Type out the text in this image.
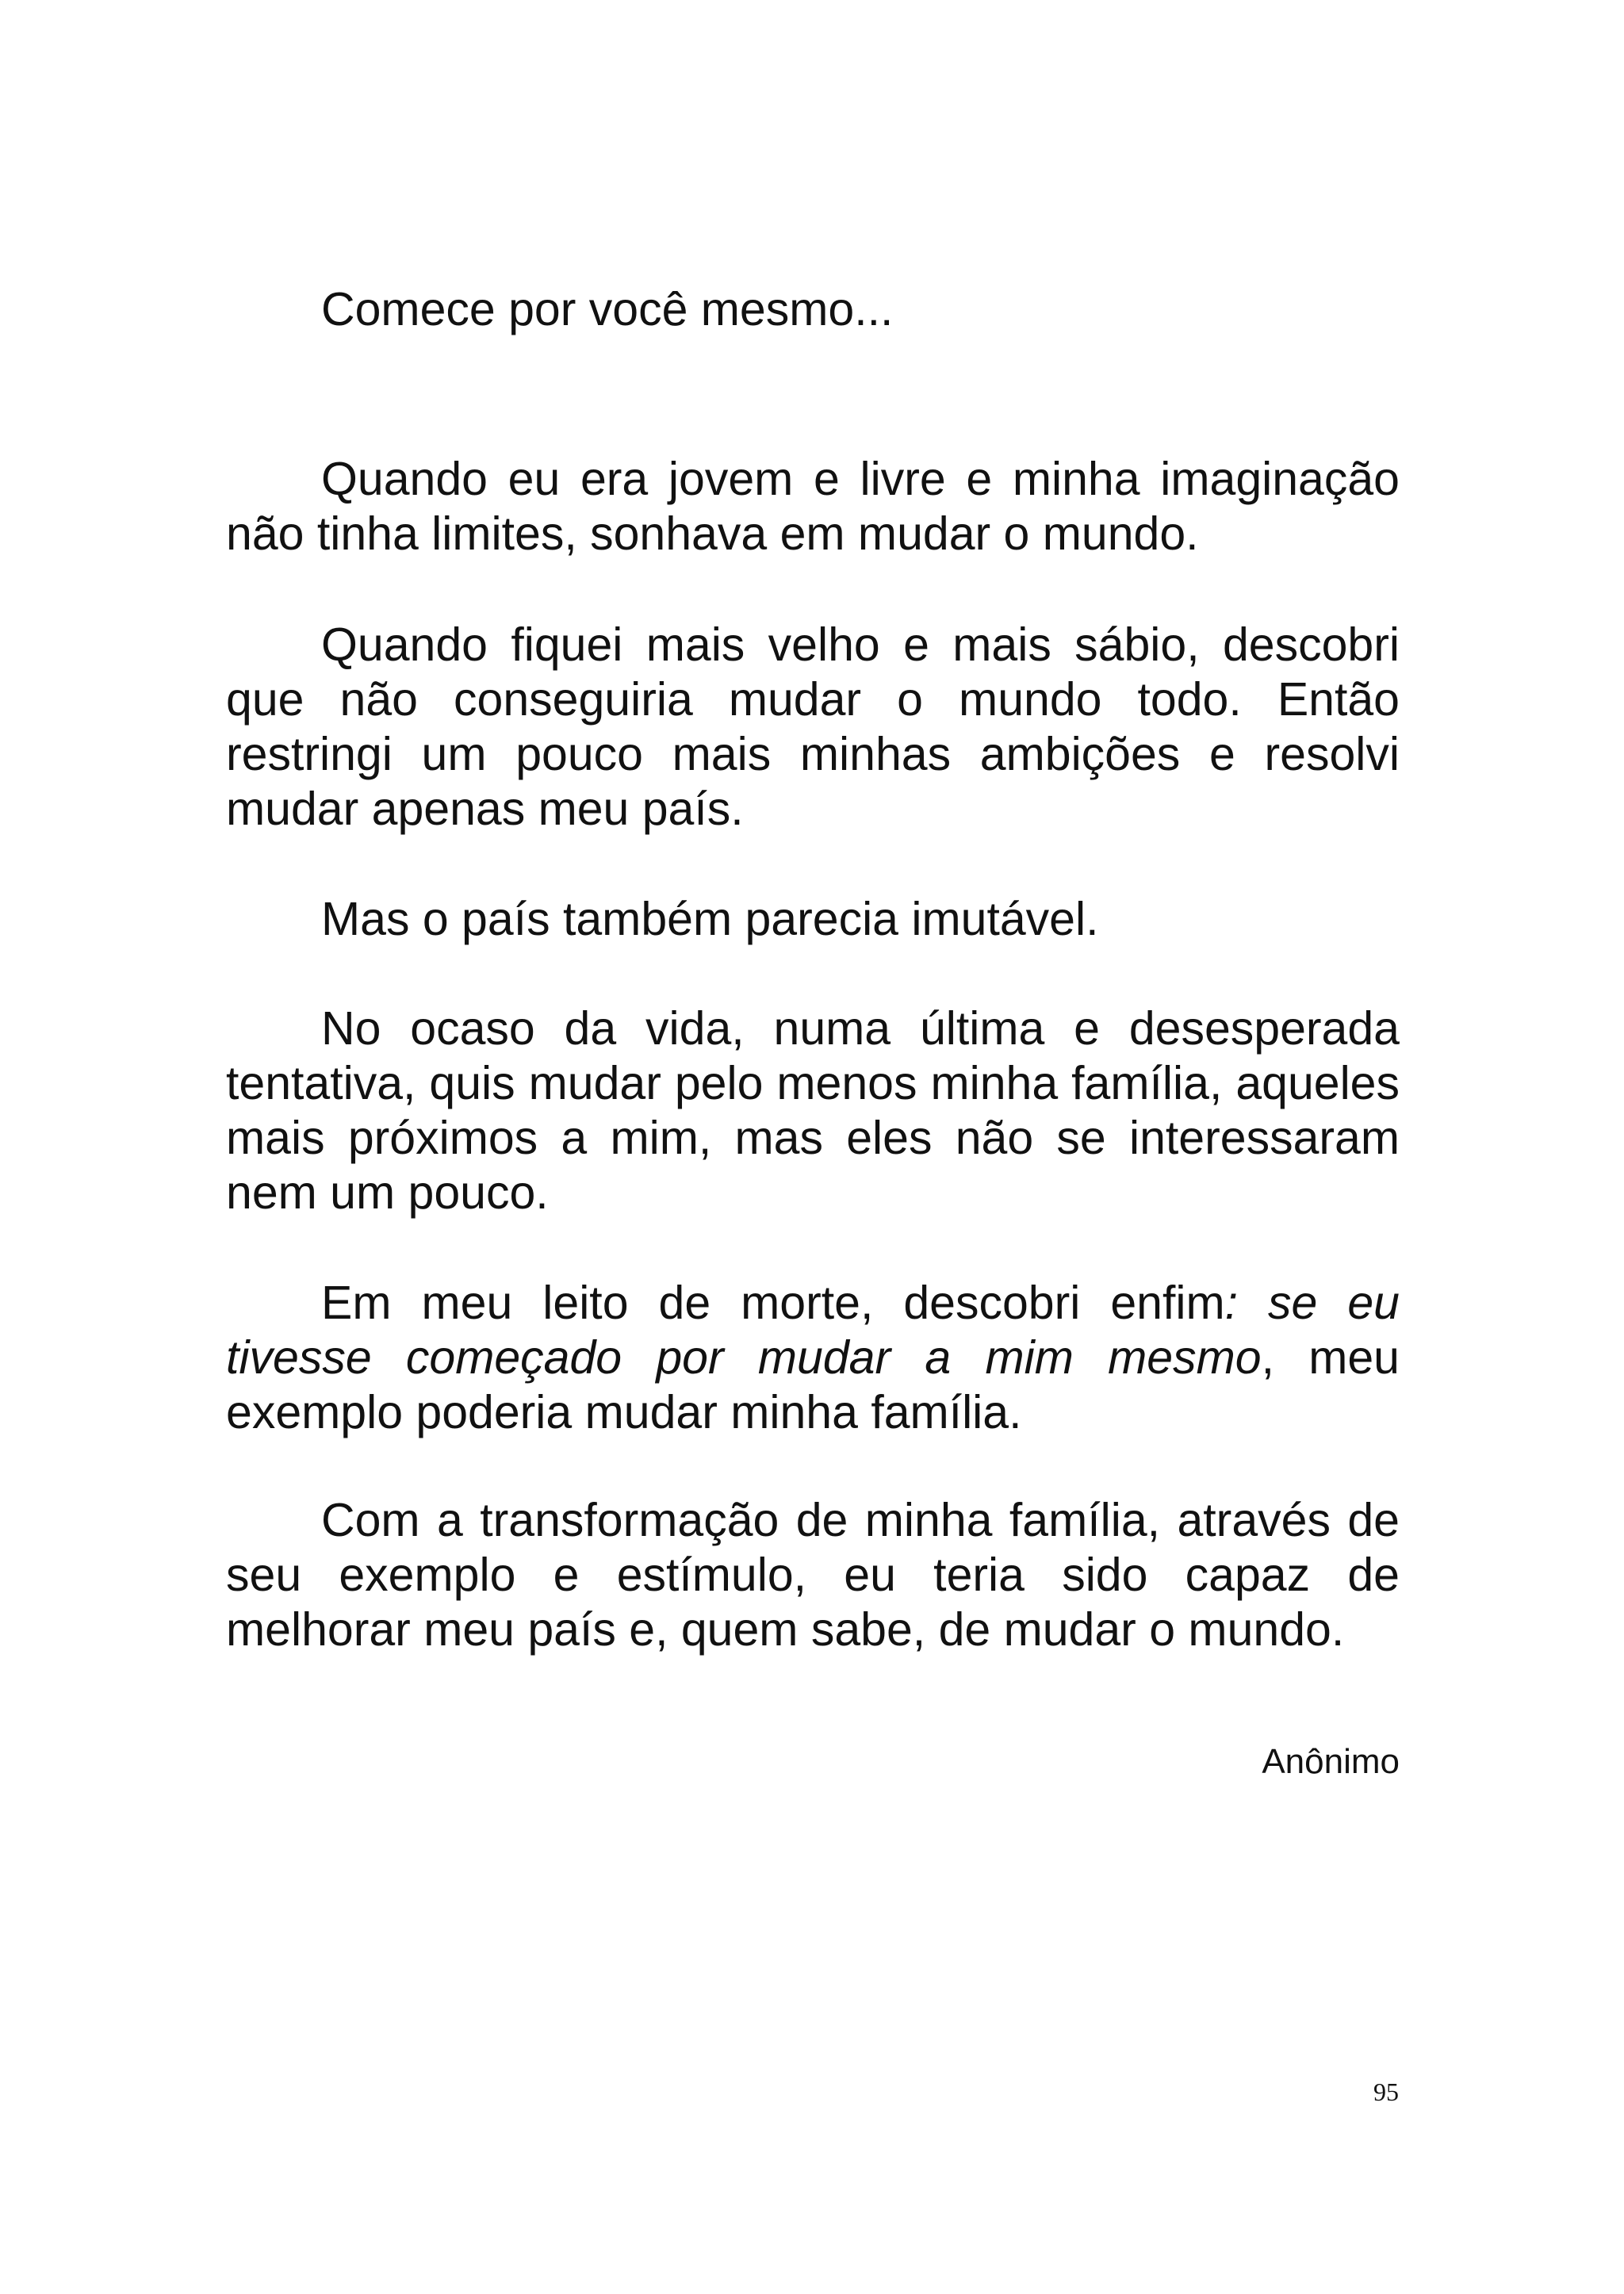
Comece por você mesmo...

Quando eu era jovem e livre e minha imaginação não tinha limites, sonhava em mudar o mundo.

Quando fiquei mais velho e mais sábio, descobri que não conseguiria mudar o mundo todo. Então restringi um pouco mais minhas ambições e resolvi mudar apenas meu país.

Mas o país também parecia imutável.

No ocaso da vida, numa última e desesperada tentativa, quis mudar pelo menos minha família, aqueles mais próximos a mim, mas eles não se interessaram nem um pouco.

Em meu leito de morte, descobri enfim: se eu tivesse começado por mudar a mim mesmo, meu exemplo poderia mudar minha família.

Com a transformação de minha família, através de seu exemplo e estímulo, eu teria sido capaz de melhorar meu país e, quem sabe, de mudar o mundo.

Anônimo

95
